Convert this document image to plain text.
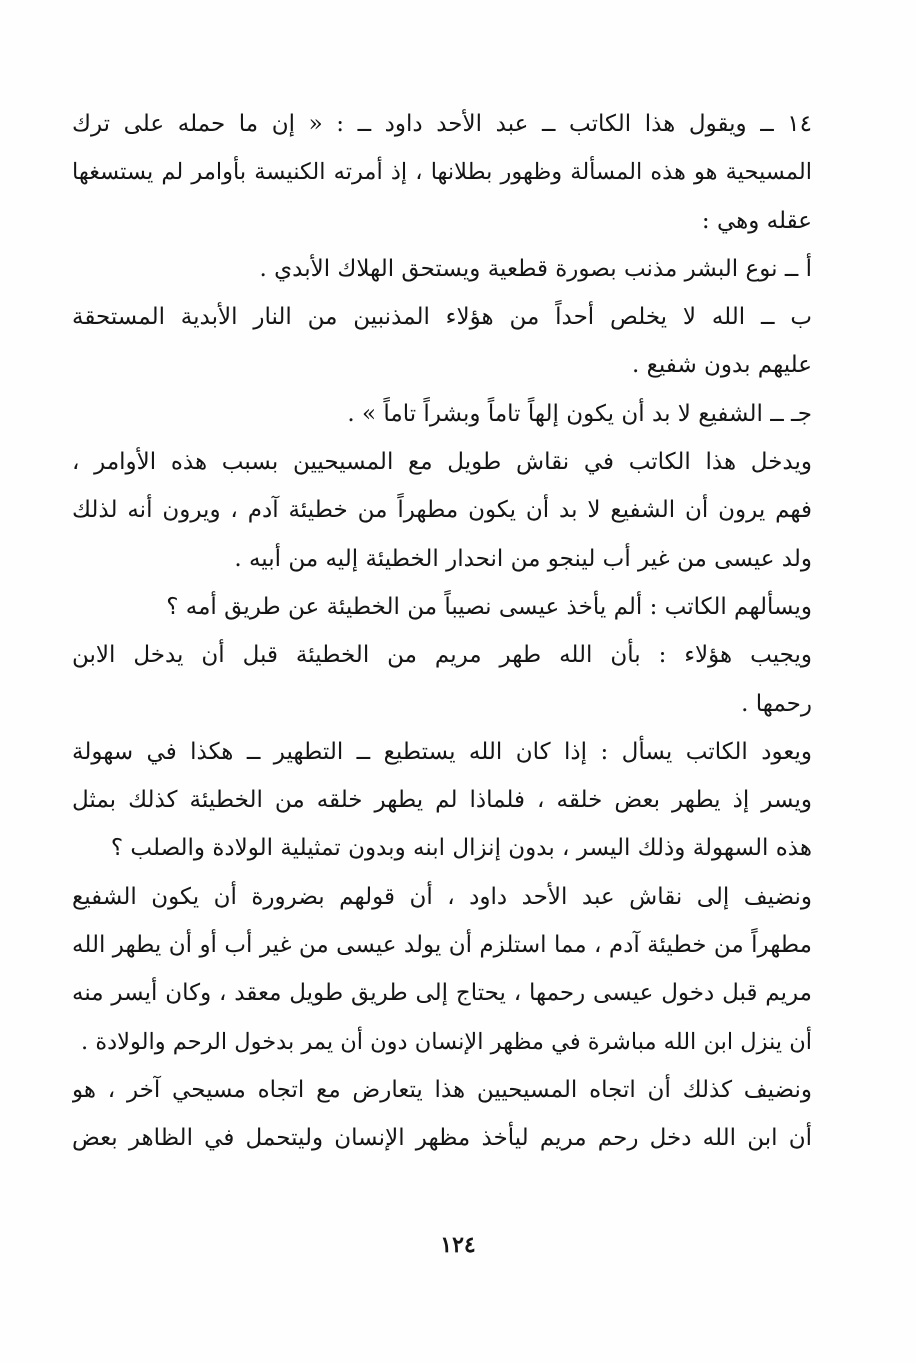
١٤ ــ ويقول هذا الكاتب ــ عبد الأحد داود ــ : « إن ما حمله على ترك
المسيحية هو هذه المسألة وظهور بطلانها ، إذ أمرته الكنيسة بأوامر لم يستسغها
عقله وهي :
أ ــ نوع البشر مذنب بصورة قطعية ويستحق الهلاك الأبدي .
ب ــ الله لا يخلص أحداً من هؤلاء المذنبين من النار الأبدية المستحقة
عليهم بدون شفيع .
جـ ــ الشفيع لا بد أن يكون إلهاً تاماً وبشراً تاماً » .
ويدخل هذا الكاتب في نقاش طويل مع المسيحيين بسبب هذه الأوامر ،
فهم يرون أن الشفيع لا بد أن يكون مطهراً من خطيئة آدم ، ويرون أنه لذلك
ولد عيسى من غير أب لينجو من انحدار الخطيئة إليه من أبيه .
ويسألهم الكاتب : ألم يأخذ عيسى نصيباً من الخطيئة عن طريق أمه ؟
ويجيب هؤلاء : بأن الله طهر مريم من الخطيئة قبل أن يدخل الابن
رحمها .
ويعود الكاتب يسأل : إذا كان الله يستطيع ــ التطهير ــ هكذا في سهولة
ويسر إذ يطهر بعض خلقه ، فلماذا لم يطهر خلقه من الخطيئة كذلك بمثل
هذه السهولة وذلك اليسر ، بدون إنزال ابنه وبدون تمثيلية الولادة والصلب ؟
ونضيف إلى نقاش عبد الأحد داود ، أن قولهم بضرورة أن يكون الشفيع
مطهراً من خطيئة آدم ، مما استلزم أن يولد عيسى من غير أب أو أن يطهر الله
مريم قبل دخول عيسى رحمها ، يحتاج إلى طريق طويل معقد ، وكان أيسر منه
أن ينزل ابن الله مباشرة في مظهر الإنسان دون أن يمر بدخول الرحم والولادة .
ونضيف كذلك أن اتجاه المسيحيين هذا يتعارض مع اتجاه مسيحي آخر ، هو
أن ابن الله دخل رحم مريم ليأخذ مظهر الإنسان وليتحمل في الظاهر بعض
١٢٤
